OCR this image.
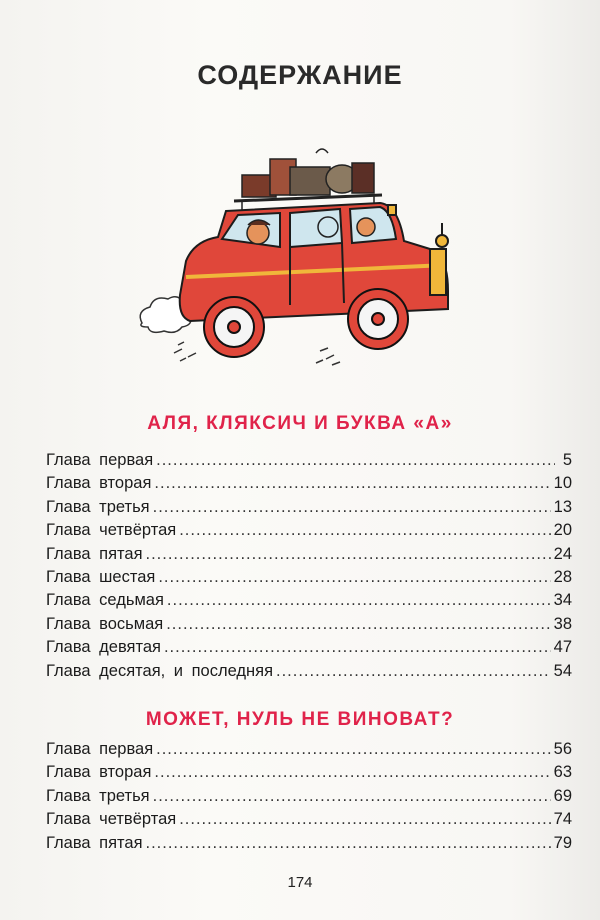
СОДЕРЖАНИЕ
АЛЯ, КЛЯКСИЧ И БУКВА «А»
Глава первая .....	5
Глава вторая .....	10
Глава третья .....	13
Глава четвёртая .....	20
Глава пятая .....	24
Глава шестая .....	28
Глава седьмая .....	34
Глава восьмая .....	38
Глава девятая .....	47
Глава десятая, и последняя .....	54
МОЖЕТ, НУЛЬ НЕ ВИНОВАТ?
Глава первая .....	56
Глава вторая .....	63
Глава третья .....	69
Глава четвёртая .....	74
Глава пятая .....	79
174
